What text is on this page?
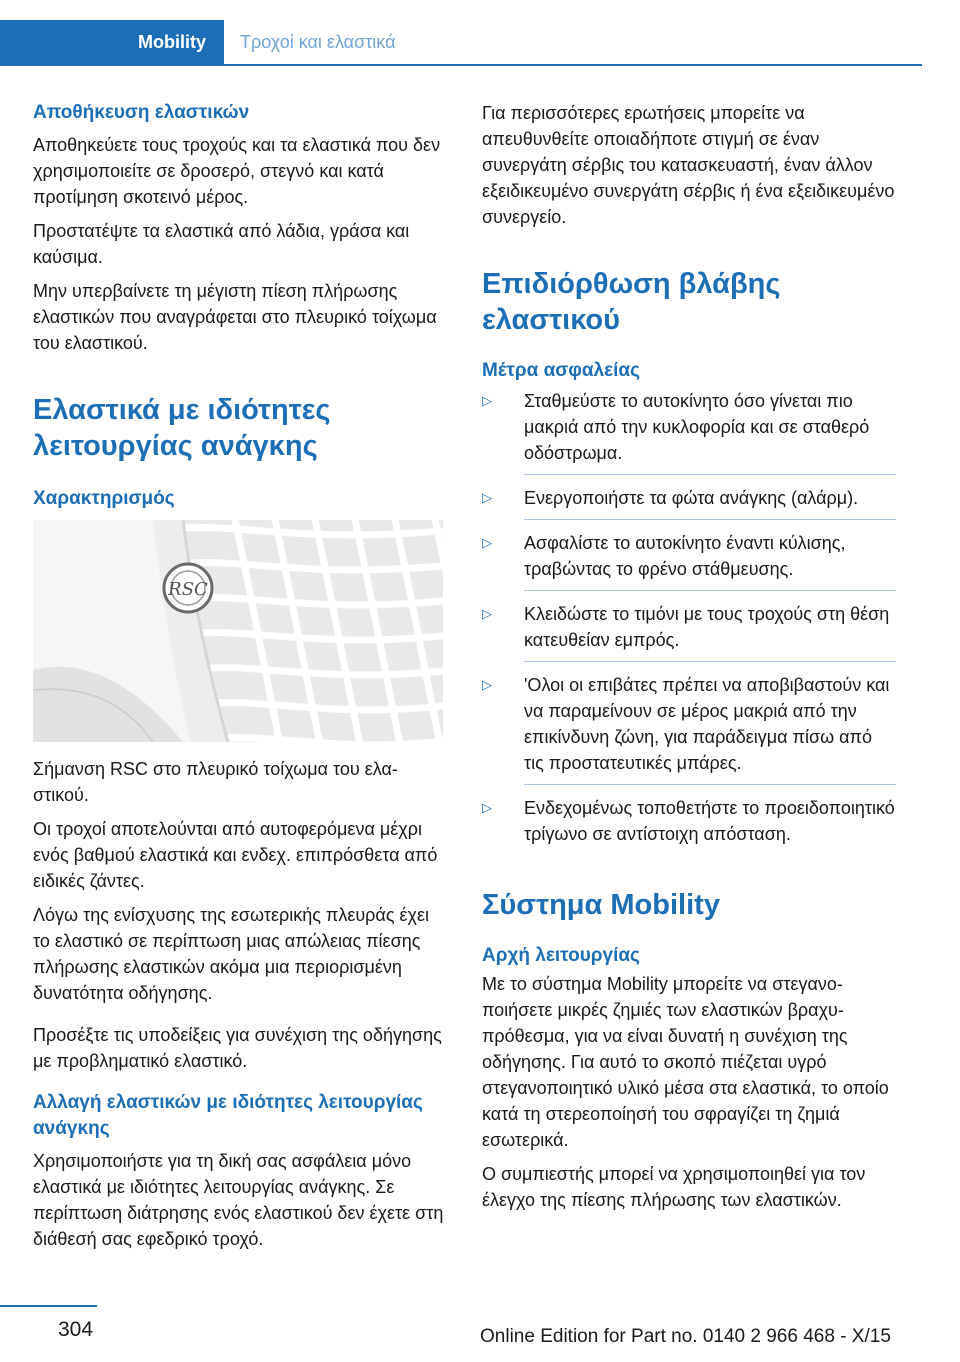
Mobility	Τροχοί και ελαστικά
Αποθήκευση ελαστικών

Αποθηκεύετε τους τροχούς και τα ελαστικά που δεν χρησιμοποιείτε σε δροσερό, στεγνό και κατά προτίμηση σκοτεινό μέρος.

Προστατέψτε τα ελαστικά από λάδια, γράσα και καύσιμα.

Μην υπερβαίνετε τη μέγιστη πίεση πλήρωσης ελαστικών που αναγράφεται στο πλευρικό τοίχωμα του ελαστικού.

Ελαστικά με ιδιότητες λειτουργίας ανάγκης
Χαρακτηρισμός
RSC

Σήμανση RSC στο πλευρικό τοίχωμα του ελαστικού.

Οι τροχοί αποτελούνται από αυτοφερόμενα μέχρι ενός βαθμού ελαστικά και ενδεχ. επιπρόσθετα από ειδικές ζάντες.

Λόγω της ενίσχυσης της εσωτερικής πλευράς έχει το ελαστικό σε περίπτωση μιας απώλειας πίεσης πλήρωσης ελαστικών ακόμα μια περιορισμένη δυνατότητα οδήγησης.

Προσέξτε τις υποδείξεις για συνέχιση της οδήγησης με προβληματικό ελαστικό.

Αλλαγή ελαστικών με ιδιότητες λειτουργίας ανάγκης

Χρησιμοποιήστε για τη δική σας ασφάλεια μόνο ελαστικά με ιδιότητες λειτουργίας ανάγκης. Σε περίπτωση διάτρησης ενός ελαστικού δεν έχετε στη διάθεσή σας εφεδρικό τροχό.

Για περισσότερες ερωτήσεις μπορείτε να απευθυνθείτε οποιαδήποτε στιγμή σε έναν συνεργάτη σέρβις του κατασκευαστή, έναν άλλον εξειδικευμένο συνεργάτη σέρβις ή ένα εξειδικευμένο συνεργείο.

Επιδιόρθωση βλάβης ελαστικού
Μέτρα ασφαλείας
▷ Σταθμεύστε το αυτοκίνητο όσο γίνεται πιο μακριά από την κυκλοφορία και σε σταθερό οδόστρωμα.
▷ Ενεργοποιήστε τα φώτα ανάγκης (αλάρμ).
▷ Ασφαλίστε το αυτοκίνητο έναντι κύλισης, τραβώντας το φρένο στάθμευσης.
▷ Κλειδώστε το τιμόνι με τους τροχούς στη θέση κατευθείαν εμπρός.
▷ 'Ολοι οι επιβάτες πρέπει να αποβιβαστούν και να παραμείνουν σε μέρος μακριά από την επικίνδυνη ζώνη, για παράδειγμα πίσω από τις προστατευτικές μπάρες.
▷ Ενδεχομένως τοποθετήστε το προειδοποιητικό τρίγωνο σε αντίστοιχη απόσταση.
Σύστημα Mobility
Αρχή λειτουργίας

Με το σύστημα Mobility μπορείτε να στεγανοποιήσετε μικρές ζημιές των ελαστικών βραχυπρόθεσμα, για να είναι δυνατή η συνέχιση της οδήγησης. Για αυτό το σκοπό πιέζεται υγρό στεγανοποιητικό υλικό μέσα στα ελαστικά, το οποίο κατά τη στερεοποίησή του σφραγίζει τη ζημιά εσωτερικά.

Ο συμπιεστής μπορεί να χρησιμοποιηθεί για τον έλεγχο της πίεσης πλήρωσης των ελαστικών.

304	Online Edition for Part no. 0140 2 966 468 - X/15
